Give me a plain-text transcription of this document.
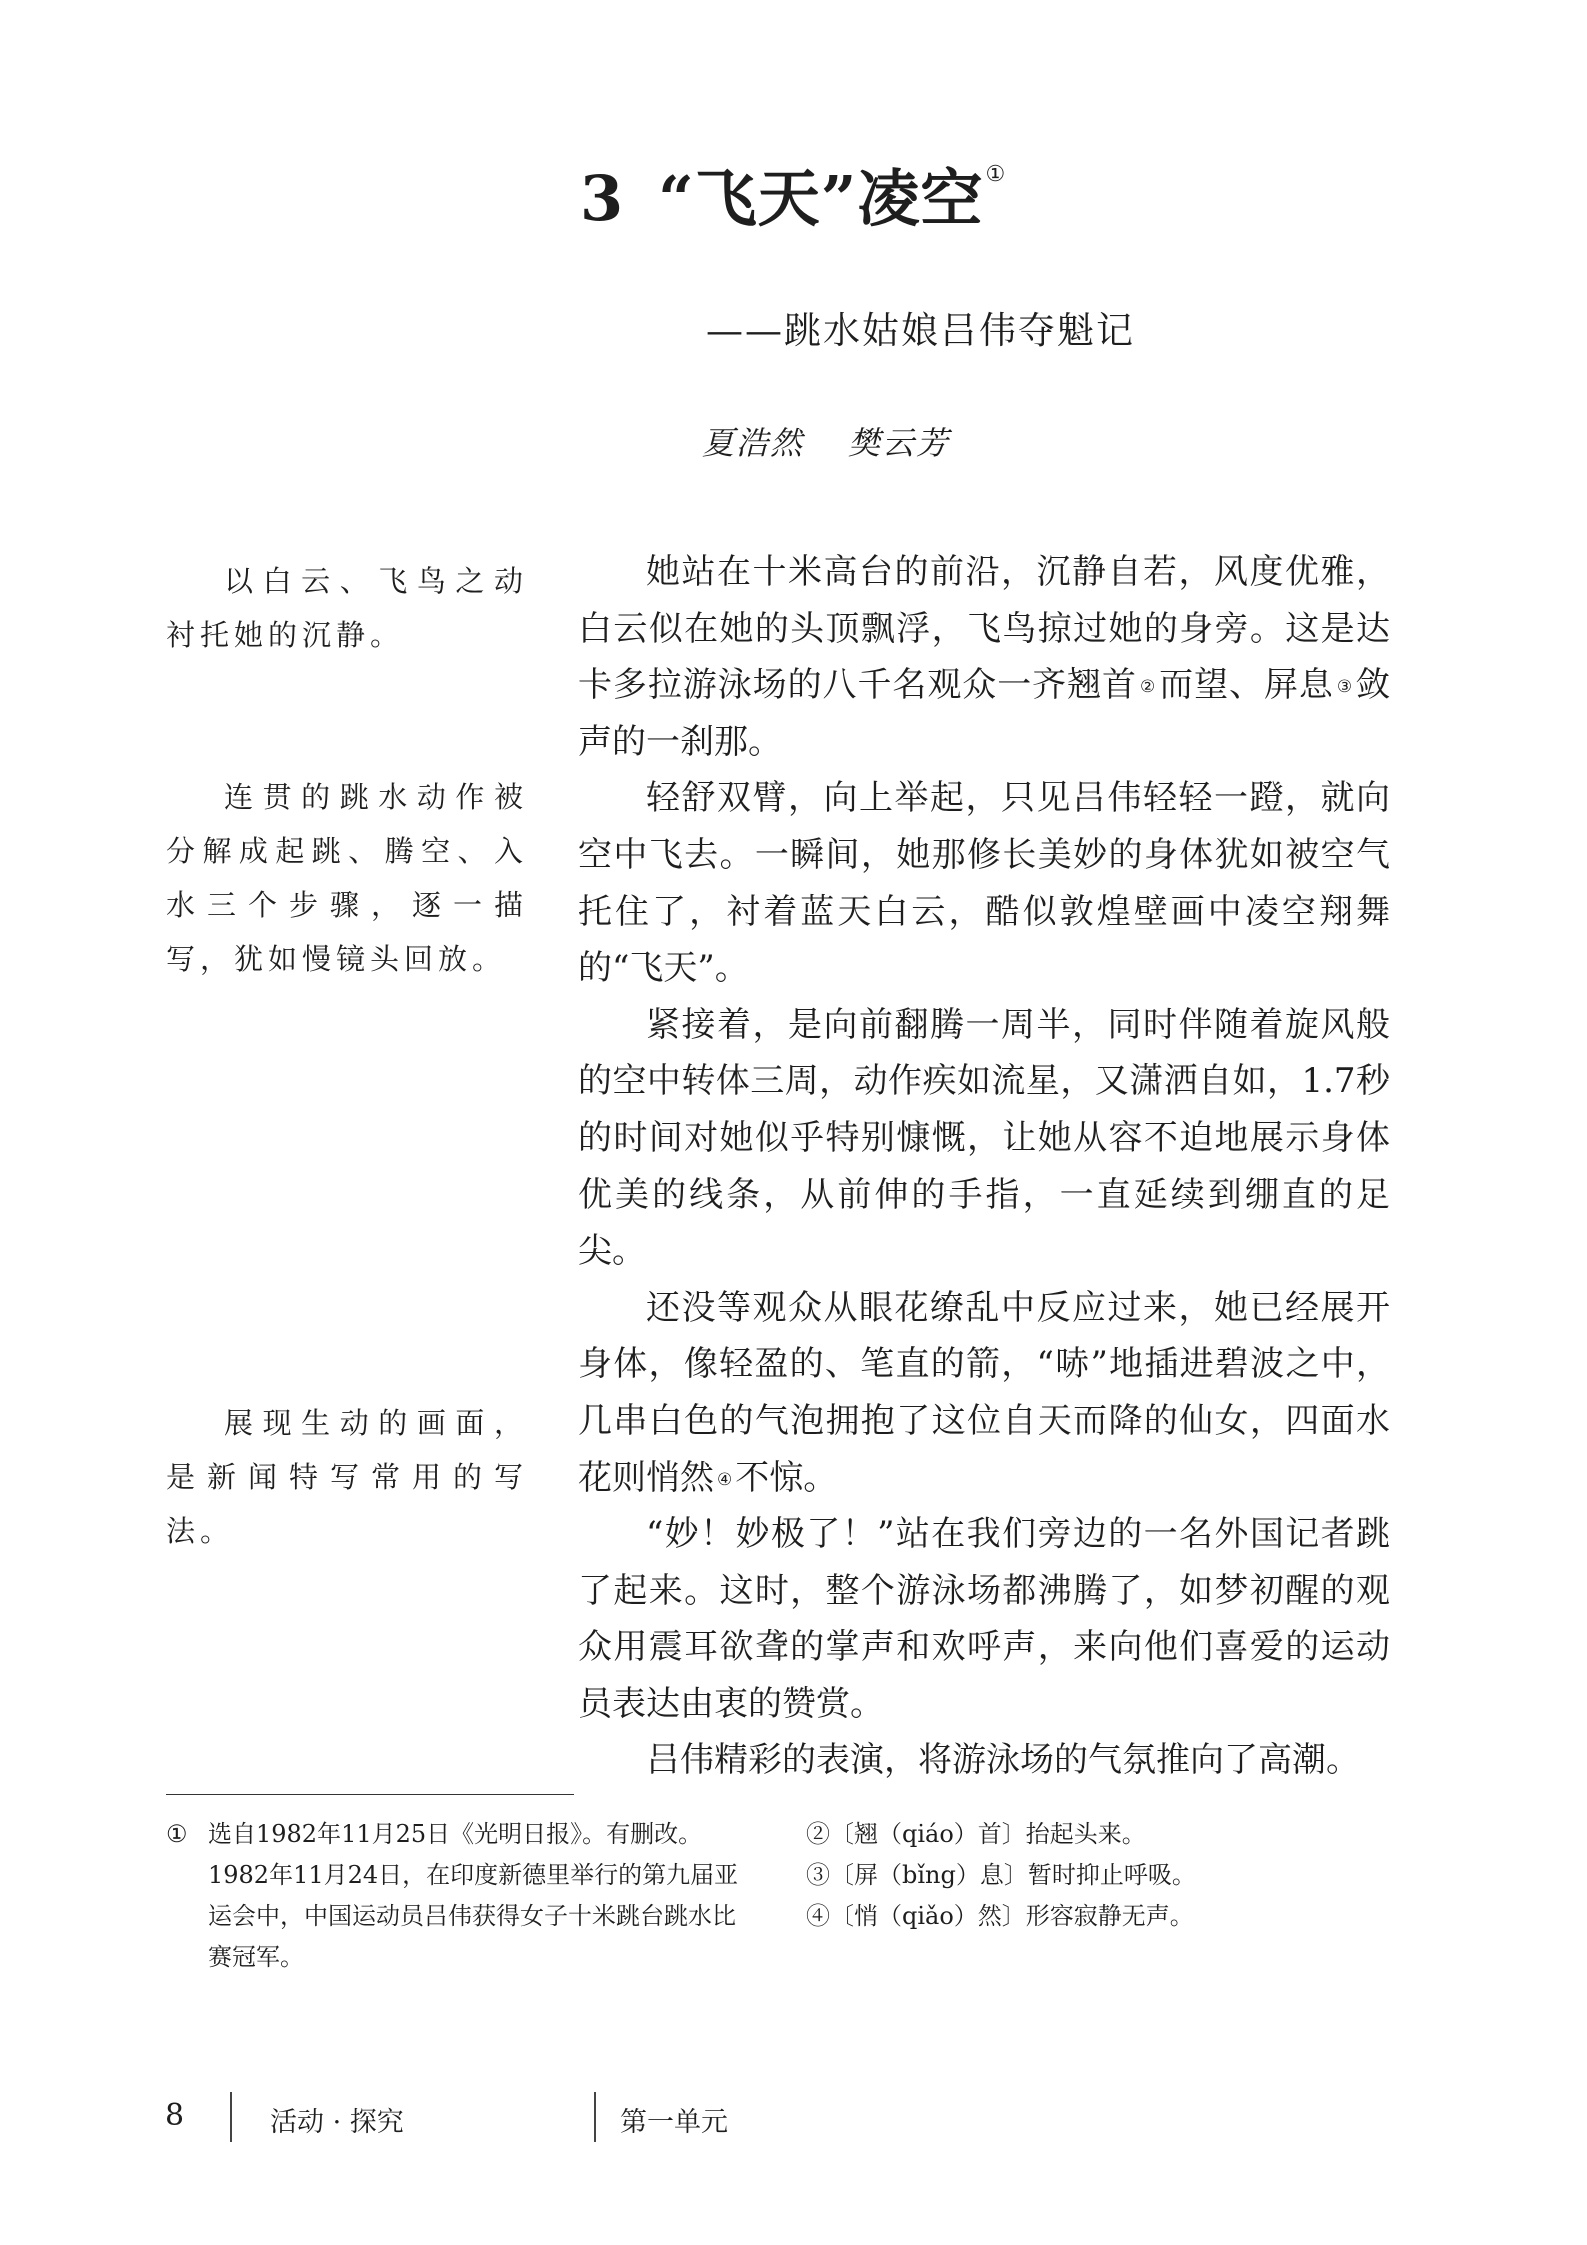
3 “飞天”凌空①
——跳水姑娘吕伟夺魁记
夏浩然 樊云芳
以白云、飞鸟之动衬托她的沉静。
连贯的跳水动作被分解成起跳、腾空、入水三个步骤，逐一描写，犹如慢镜头回放。
展现生动的画面，是新闻特写常用的写法。

她站在十米高台的前沿，沉静自若，风度优雅，白云似在她的头顶飘浮，飞鸟掠过她的身旁。这是达卡多拉游泳场的八千名观众一齐翘首 ②而望、屏息 ③敛声的一刹那。

轻舒双臂，向上举起，只见吕伟轻轻一蹬，就向空中飞去。一瞬间，她那修长美妙的身体犹如被空气托住了，衬着蓝天白云，酷似敦煌壁画中凌空翔舞的“飞天”。

紧接着，是向前翻腾一周半，同时伴随着旋风般的空中转体三周，动作疾如流星，又潇洒自如，1.7秒的时间对她似乎特别慷慨，让她从容不迫地展示身体优美的线条，从前伸的手指，一直延续到绷直的足尖。

还没等观众从眼花缭乱中反应过来，她已经展开身体，像轻盈的、笔直的箭，“哧”地插进碧波之中，几串白色的气泡拥抱了这位自天而降的仙女，四面水花则悄然 ④不惊。

“妙！妙极了！”站在我们旁边的一名外国记者跳了起来。这时，整个游泳场都沸腾了，如梦初醒的观众用震耳欲聋的掌声和欢呼声，来向他们喜爱的运动员表达由衷的赞赏。

吕伟精彩的表演，将游泳场的气氛推向了高潮。

① 选自1982年11月25日《光明日报》。有删改。
1982年11月24日，在印度新德里举行的第九届亚运会中，中国运动员吕伟获得女子十米跳台跳水比赛冠军。
②〔翘（qiáo）首〕抬起头来。
③〔屏（bǐng）息〕暂时抑止呼吸。
④〔悄（qiǎo）然〕形容寂静无声。
8	活动 · 探究	第一单元
